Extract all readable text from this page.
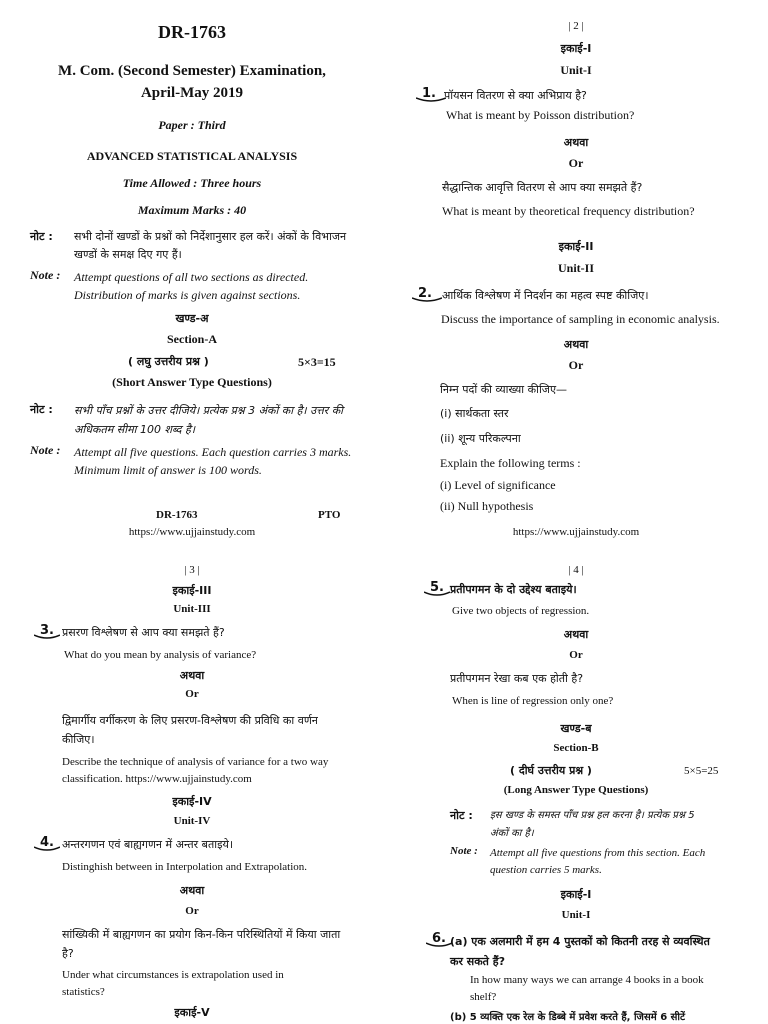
DR-1763

M. Com. (Second Semester) Examination,

April-May 2019

Paper : Third

ADVANCED STATISTICAL ANALYSIS

Time Allowed : Three hours

Maximum Marks : 40

नोट : सभी दोनों खण्डों के प्रश्नों को निर्देशानुसार हल करें। अंकों के विभाजन खण्डों के समक्ष दिए गए हैं।

Note : Attempt questions of all two sections as directed. Distribution of marks is given against sections.

खण्ड-अ

Section-A

( लघु उत्तरीय प्रश्न )	5×3=15

(Short Answer Type Questions)

नोट : सभी पाँच प्रश्नों के उत्तर दीजिये। प्रत्येक प्रश्न 3 अंकों का है। उत्तर की अधिकतम सीमा 100 शब्द है।

Note : Attempt all five questions. Each question carries 3 marks. Minimum limit of answer is 100 words.

DR-1763	PTO

https://www.ujjainstudy.com

| 2 |

इकाई-I

Unit-I

1. पॉयसन वितरण से क्या अभिप्राय है?

What is meant by Poisson distribution?

अथवा

Or

सैद्धान्तिक आवृत्ति वितरण से आप क्या समझते हैं?

What is meant by theoretical frequency distribution?

इकाई-II

Unit-II

2. आर्थिक विश्लेषण में निदर्शन का महत्व स्पष्ट कीजिए।

Discuss the importance of sampling in economic analysis.

अथवा

Or

निम्न पदों की व्याख्या कीजिए—

(i) सार्थकता स्तर

(ii) शून्य परिकल्पना

Explain the following terms :

(i) Level of significance

(ii) Null hypothesis

https://www.ujjainstudy.com

| 3 |

इकाई-III

Unit-III

3. प्रसरण विश्लेषण से आप क्या समझते हैं?

What do you mean by analysis of variance?

अथवा

Or

द्विमार्गीय वर्गीकरण के लिए प्रसरण-विश्लेषण की प्रविधि का वर्णन कीजिए।

Describe the technique of analysis of variance for a two way classification. https://www.ujjainstudy.com

इकाई-IV

Unit-IV

4. अन्तरगणन एवं बाह्यगणन में अन्तर बताइये।

Distinghish between in Interpolation and Extrapolation.

अथवा

Or

सांख्यिकी में बाह्यगणन का प्रयोग किन-किन परिस्थितियों में किया जाता है?

Under what circumstances is extrapolation used in statistics?

इकाई-V

| 4 |

5. प्रतीपगमन के दो उद्देश्य बताइये।

Give two objects of regression.

अथवा

Or

प्रतीपगमन रेखा कब एक होती है?

When is line of regression only one?

खण्ड-ब

Section-B

( दीर्घ उत्तरीय प्रश्न )	5×5=25

(Long Answer Type Questions)

नोट : इस खण्ड के समस्त पाँच प्रश्न हल करना है। प्रत्येक प्रश्न 5 अंकों का है।

Note : Attempt all five questions from this section. Each question carries 5 marks.

इकाई-I

Unit-I

6. (a) एक अलमारी में हम 4 पुस्तकों को कितनी तरह से व्यवस्थित कर सकते हैं?

In how many ways we can arrange 4 books in a book shelf?

(b) 5 व्यक्ति एक रेल के डिब्बे में प्रवेश करते हैं, जिसमें 6 सीटें
